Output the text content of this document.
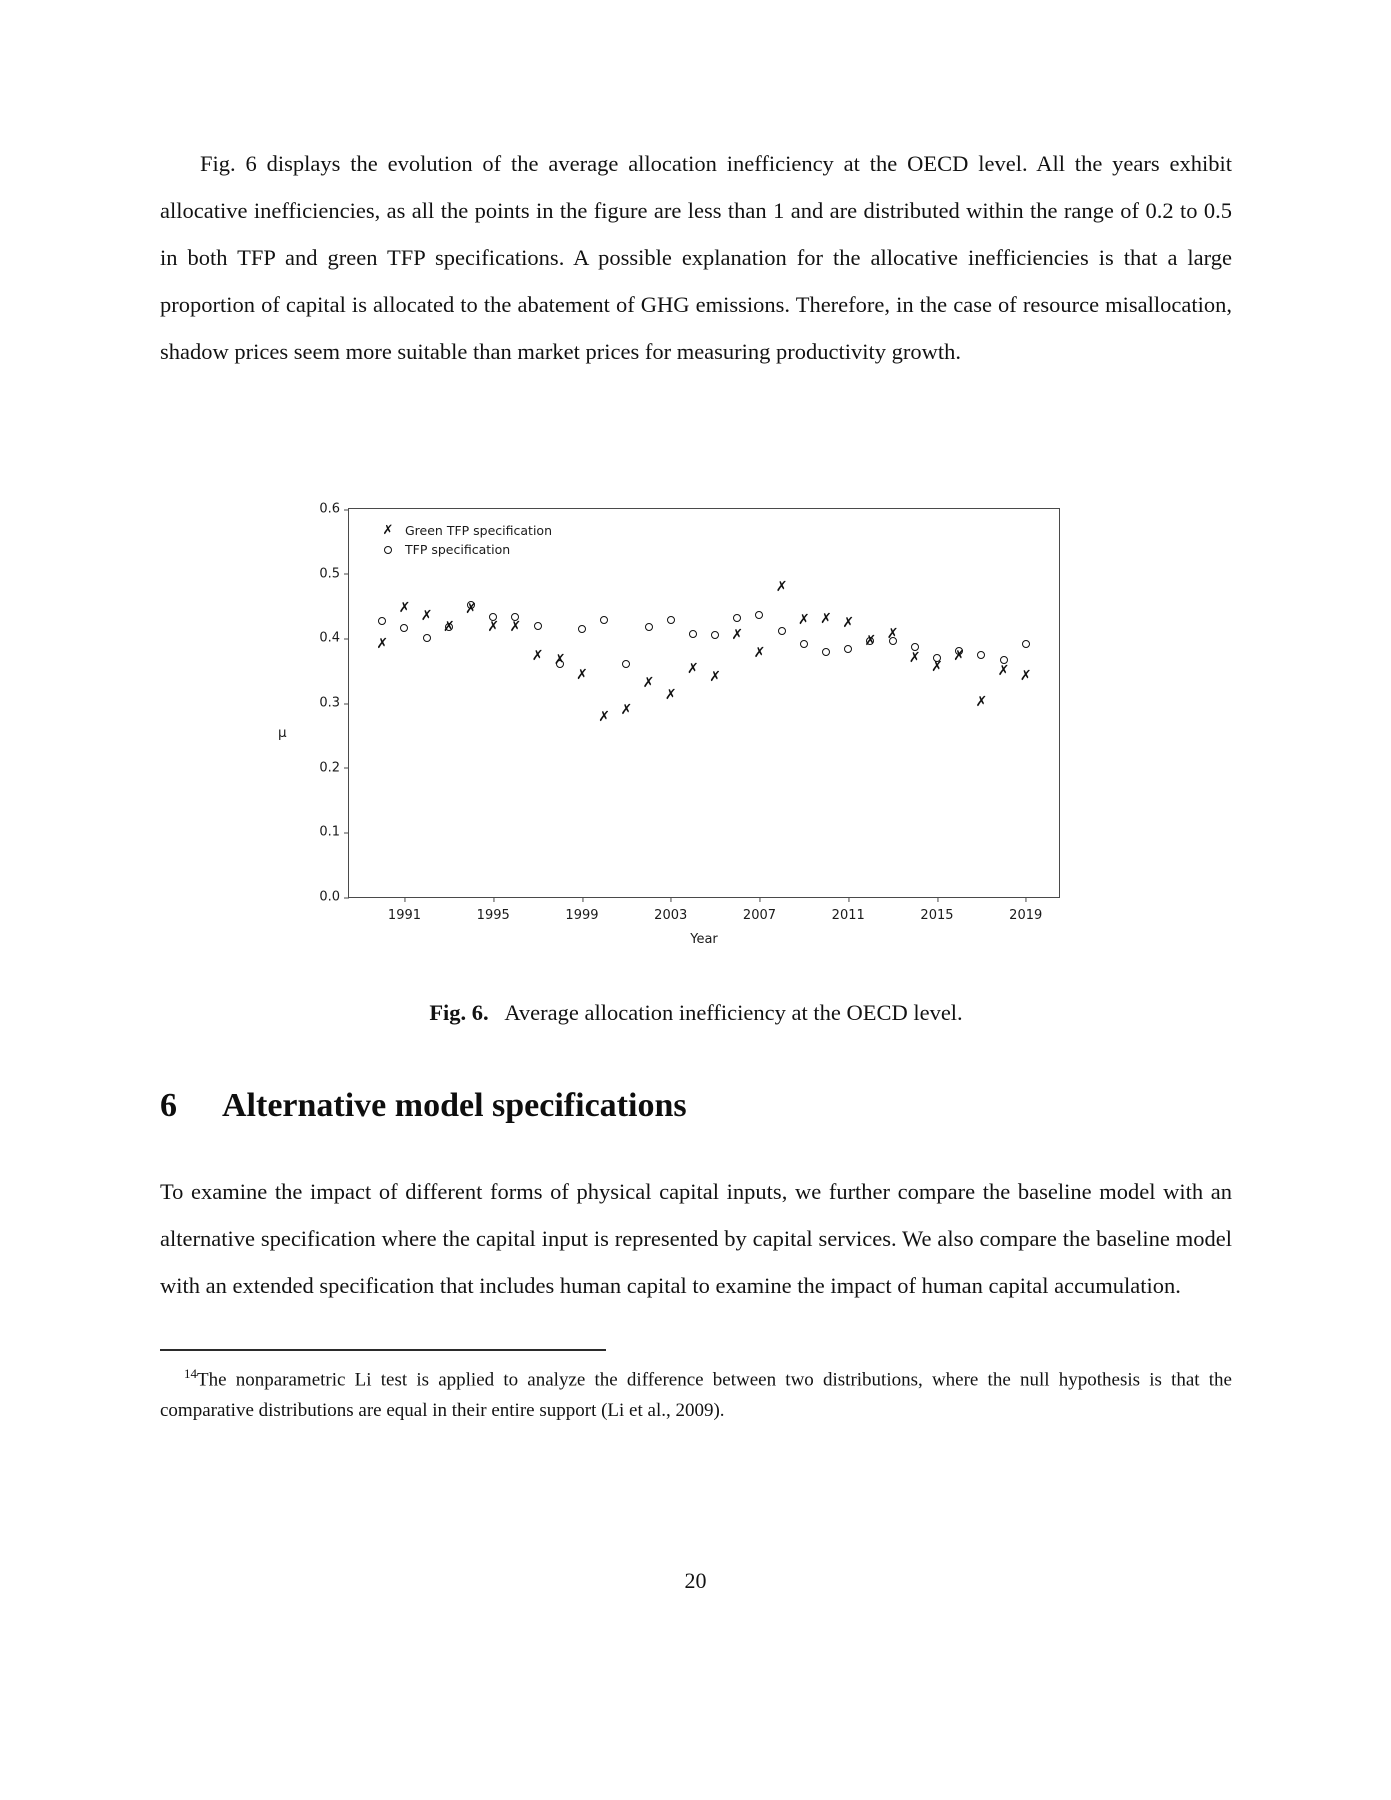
Fig. 6 displays the evolution of the average allocation inefficiency at the OECD level. All the years exhibit allocative inefficiencies, as all the points in the figure are less than 1 and are distributed within the range of 0.2 to 0.5 in both TFP and green TFP specifications. A possible explanation for the allocative inefficiencies is that a large proportion of capital is allocated to the abatement of GHG emissions. Therefore, in the case of resource misallocation, shadow prices seem more suitable than market prices for measuring productivity growth.
μ
Year
✗ Green TFP specification
TFP specification
0.0
0.1
0.2
0.3
0.4
0.5
0.6
1991	1995	1999	2003	2007	2011	2015	2019
✗
✗ ✗
✗
✗
✗ ✗
✗ ✗
✗
✗ ✗
✗
✗
✗ ✗
✗
✗
✗
✗ ✗ ✗
✗ ✗
✗
✗
✗
✗
✗ ✗
Fig. 6. Average allocation inefficiency at the OECD level.
6 Alternative model specifications
To examine the impact of different forms of physical capital inputs, we further compare the baseline model with an alternative specification where the capital input is represented by capital services. We also compare the baseline model with an extended specification that includes human capital to examine the impact of human capital accumulation.
$^{14}$The nonparametric Li test is applied to analyze the difference between two distributions, where the null hypothesis is that the comparative distributions are equal in their entire support (Li et al., 2009).
20
